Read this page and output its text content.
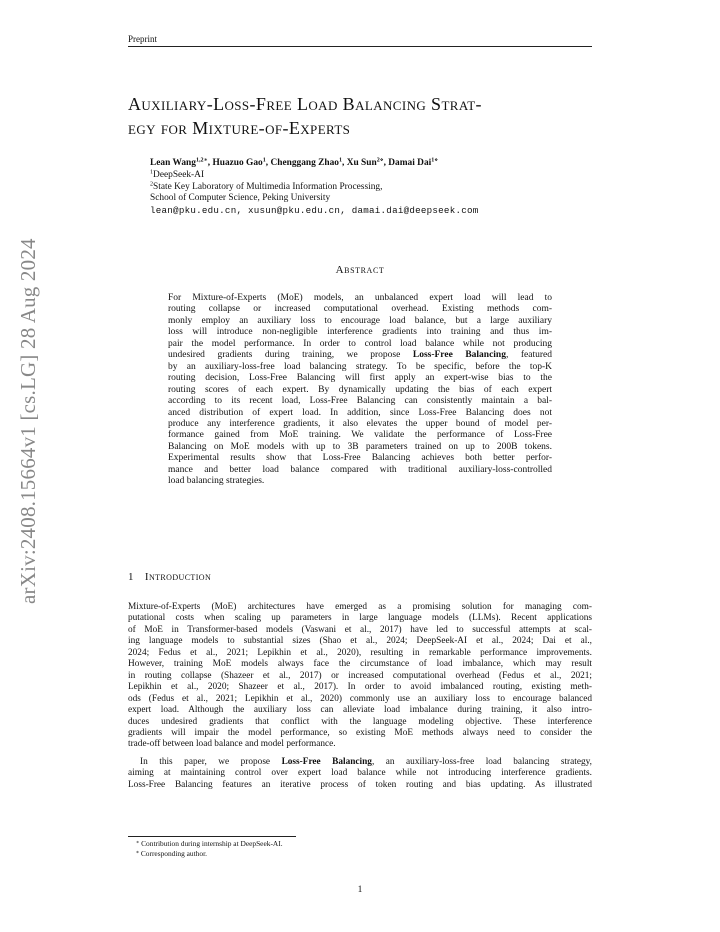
Preprint
arXiv:2408.15664v1 [cs.LG] 28 Aug 2024
Auxiliary-Loss-Free Load Balancing Strat-
egy for Mixture-of-Experts
Lean Wang$^{1,2∗}$, Huazuo Gao$^1$, Chenggang Zhao$^1$, Xu Sun$^{2⋄}$, Damai Dai$^{1⋄}$
$^1$DeepSeek-AI
$^2$State Key Laboratory of Multimedia Information Processing,
School of Computer Science, Peking University
lean@pku.edu.cn, xusun@pku.edu.cn, damai.dai@deepseek.com
Abstract
For Mixture-of-Experts (MoE) models, an unbalanced expert load will lead to
routing collapse or increased computational overhead. Existing methods com-
monly employ an auxiliary loss to encourage load balance, but a large auxiliary
loss will introduce non-negligible interference gradients into training and thus im-
pair the model performance. In order to control load balance while not producing
undesired gradients during training, we propose Loss-Free Balancing, featured
by an auxiliary-loss-free load balancing strategy. To be specific, before the top-K
routing decision, Loss-Free Balancing will first apply an expert-wise bias to the
routing scores of each expert. By dynamically updating the bias of each expert
according to its recent load, Loss-Free Balancing can consistently maintain a bal-
anced distribution of expert load. In addition, since Loss-Free Balancing does not
produce any interference gradients, it also elevates the upper bound of model per-
formance gained from MoE training. We validate the performance of Loss-Free
Balancing on MoE models with up to 3B parameters trained on up to 200B tokens.
Experimental results show that Loss-Free Balancing achieves both better perfor-
mance and better load balance compared with traditional auxiliary-loss-controlled
load balancing strategies.
1 Introduction
Mixture-of-Experts (MoE) architectures have emerged as a promising solution for managing com-
putational costs when scaling up parameters in large language models (LLMs). Recent applications
of MoE in Transformer-based models (Vaswani et al., 2017) have led to successful attempts at scal-
ing language models to substantial sizes (Shao et al., 2024; DeepSeek-AI et al., 2024; Dai et al.,
2024; Fedus et al., 2021; Lepikhin et al., 2020), resulting in remarkable performance improvements.
However, training MoE models always face the circumstance of load imbalance, which may result
in routing collapse (Shazeer et al., 2017) or increased computational overhead (Fedus et al., 2021;
Lepikhin et al., 2020; Shazeer et al., 2017). In order to avoid imbalanced routing, existing meth-
ods (Fedus et al., 2021; Lepikhin et al., 2020) commonly use an auxiliary loss to encourage balanced
expert load. Although the auxiliary loss can alleviate load imbalance during training, it also intro-
duces undesired gradients that conflict with the language modeling objective. These interference
gradients will impair the model performance, so existing MoE methods always need to consider the
trade-off between load balance and model performance.
In this paper, we propose Loss-Free Balancing, an auxiliary-loss-free load balancing strategy,
aiming at maintaining control over expert load balance while not introducing interference gradients.
Loss-Free Balancing features an iterative process of token routing and bias updating. As illustrated
∗ Contribution during internship at DeepSeek-AI.
⋄ Corresponding author.
1
